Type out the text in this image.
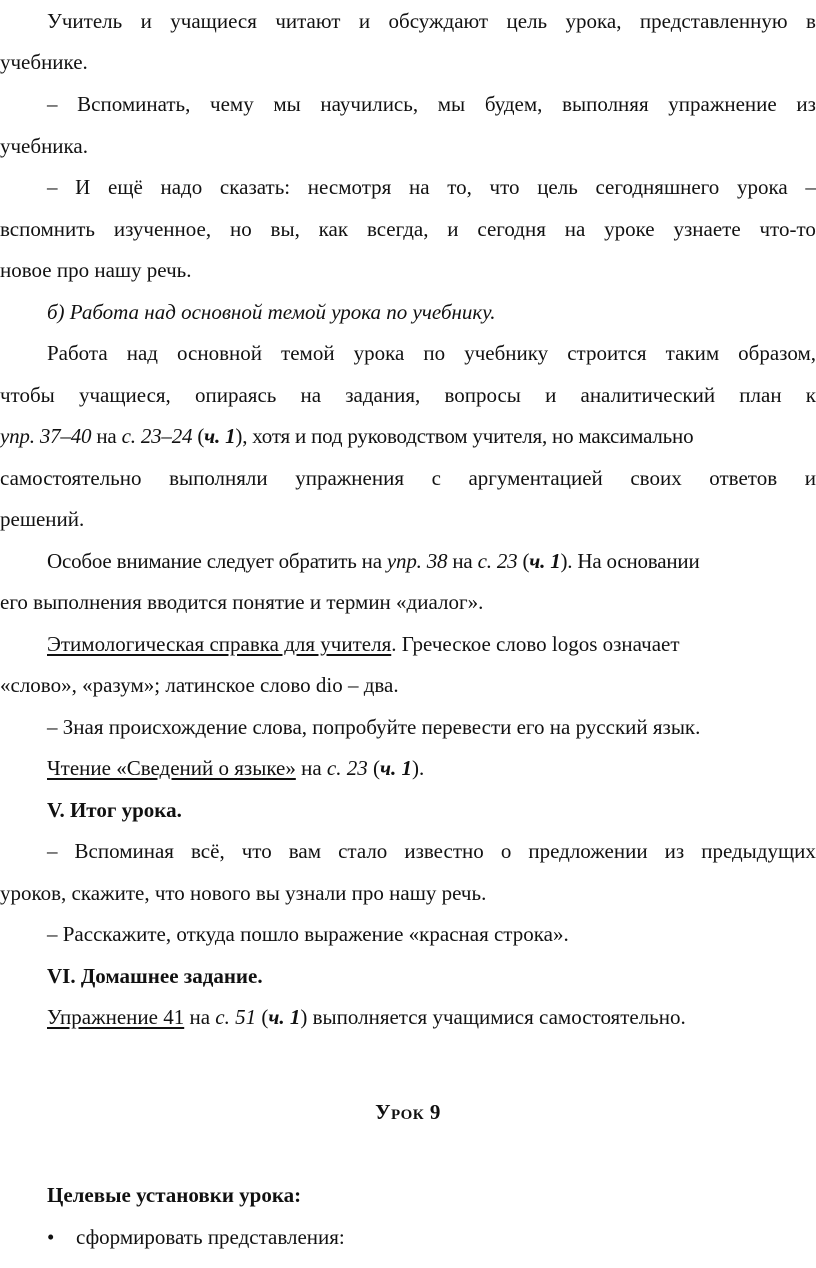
Учитель и учащиеся читают и обсуждают цель урока, представленную в
учебнике.
– Вспоминать, чему мы научились, мы будем, выполняя упражнение из
учебника.
– И ещё надо сказать: несмотря на то, что цель сегодняшнего урока –
вспомнить изученное, но вы, как всегда, и сегодня на уроке узнаете что-то
новое про нашу речь.
б) Работа над основной темой урока по учебнику.
Работа над основной темой урока по учебнику строится таким образом,
чтобы учащиеся, опираясь на задания, вопросы и аналитический план к
упр. 37–40 на с. 23–24 (ч. 1), хотя и под руководством учителя, но максимально
самостоятельно выполняли упражнения с аргументацией своих ответов и
решений.
Особое внимание следует обратить на упр. 38 на с. 23 (ч. 1). На основании
его выполнения вводится понятие и термин «диалог».
Этимологическая справка для учителя. Греческое слово logos означает
«слово», «разум»; латинское слово dio – два.
– Зная происхождение слова, попробуйте перевести его на русский язык.
Чтение «Сведений о языке» на с. 23 (ч. 1).
V. Итог урока.
– Вспоминая всё, что вам стало известно о предложении из предыдущих
уроков, скажите, что нового вы узнали про нашу речь.
– Расскажите, откуда пошло выражение «красная строка».
VI. Домашнее задание.
Упражнение 41 на с. 51 (ч. 1) выполняется учащимися самостоятельно.
Урок 9
Целевые установки урока:
• сформировать представления:
